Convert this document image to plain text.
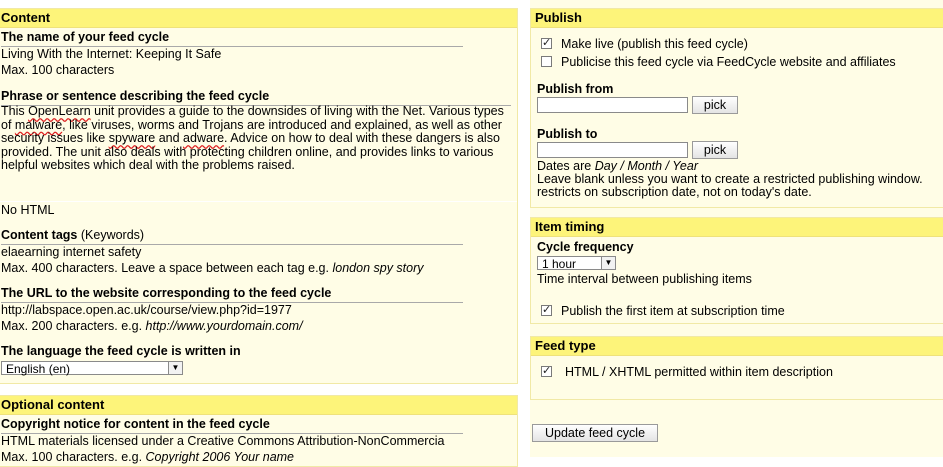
Content
The name of your feed cycle
Living With the Internet: Keeping It Safe
Max. 100 characters
Phrase or sentence describing the feed cycle
This OpenLearn unit provides a guide to the downsides of living with the Net. Various types of malware, like viruses, worms and Trojans are introduced and explained, as well as other security issues like spyware and adware. Advice on how to deal with these dangers is also provided. The unit also deals with protecting children online, and provides links to various helpful websites which deal with the problems raised.
No HTML
Content tags (Keywords)
elaearning internet safety
Max. 400 characters. Leave a space between each tag e.g. london spy story
The URL to the website corresponding to the feed cycle
http://labspace.open.ac.uk/course/view.php?id=1977
Max. 200 characters. e.g. http://www.yourdomain.com/
The language the feed cycle is written in
English (en)	▼
Optional content
Copyright notice for content in the feed cycle
HTML materials licensed under a Creative Commons Attribution-NonCommercia
Max. 100 characters. e.g. Copyright 2006 Your name
Publish
✓ Make live (publish this feed cycle)
Publicise this feed cycle via FeedCycle website and affiliates
Publish from
pick
Publish to
pick
Dates are Day / Month / Year
Leave blank unless you want to create a restricted publishing window.
restricts on subscription date, not on today's date.
Item timing
Cycle frequency
1 hour	▼
Time interval between publishing items
✓ Publish the first item at subscription time
Feed type
✓ HTML / XHTML permitted within item description
Update feed cycle
